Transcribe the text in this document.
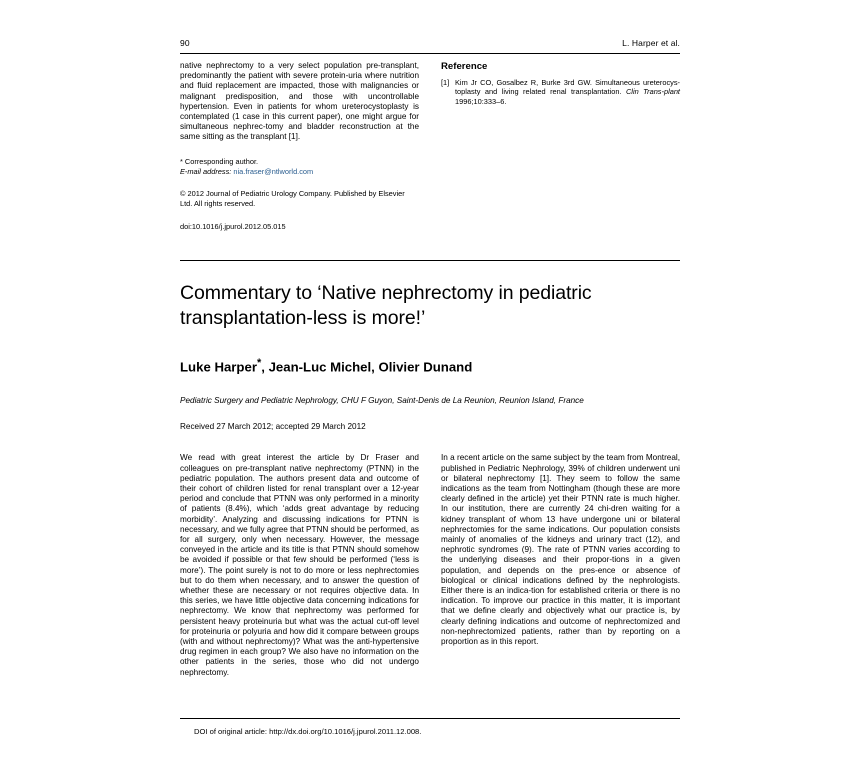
90	L. Harper et al.

native nephrectomy to a very select population pre-transplant, predominantly the patient with severe protein-uria where nutrition and fluid replacement are impacted, those with malignancies or malignant predisposition, and those with uncontrollable hypertension. Even in patients for whom ureterocystoplasty is contemplated (1 case in this current paper), one might argue for simultaneous nephrec-tomy and bladder reconstruction at the same sitting as the transplant [1].

* Corresponding author.

E-mail address: nia.fraser@ntlworld.com

© 2012 Journal of Pediatric Urology Company. Published by Elsevier Ltd. All rights reserved.

doi:10.1016/j.jpurol.2012.05.015

Reference
[1] Kim Jr CO, Gosalbez R, Burke 3rd GW. Simultaneous ureterocys-toplasty and living related renal transplantation. Clin Trans-plant 1996;10:333–6.
Commentary to ‘Native nephrectomy in pediatric transplantation-less is more!’

Luke Harper*, Jean-Luc Michel, Olivier Dunand

Pediatric Surgery and Pediatric Nephrology, CHU F Guyon, Saint-Denis de La Reunion, Reunion Island, France

Received 27 March 2012; accepted 29 March 2012

We read with great interest the article by Dr Fraser and colleagues on pre-transplant native nephrectomy (PTNN) in the pediatric population. The authors present data and outcome of their cohort of children listed for renal transplant over a 12-year period and conclude that PTNN was only performed in a minority of patients (8.4%), which ‘adds great advantage by reducing morbidity’. Analyzing and discussing indications for PTNN is necessary, and we fully agree that PTNN should be performed, as for all surgery, only when necessary. However, the message conveyed in the article and its title is that PTNN should somehow be avoided if possible or that few should be performed (‘less is more’). The point surely is not to do more or less nephrectomies but to do them when necessary, and to answer the question of whether these are necessary or not requires objective data. In this series, we have little objective data concerning indications for nephrectomy. We know that nephrectomy was performed for persistent heavy proteinuria but what was the actual cut-off level for proteinuria or polyuria and how did it compare between groups (with and without nephrectomy)? What was the anti-hypertensive drug regimen in each group? We also have no information on the other patients in the series, those who did not undergo nephrectomy.

In a recent article on the same subject by the team from Montreal, published in Pediatric Nephrology, 39% of children underwent uni or bilateral nephrectomy [1]. They seem to follow the same indications as the team from Nottingham (though these are more clearly defined in the article) yet their PTNN rate is much higher. In our institution, there are currently 24 chi-dren waiting for a kidney transplant of whom 13 have undergone uni or bilateral nephrectomies for the same indications. Our population consists mainly of anomalies of the kidneys and urinary tract (12), and nephrotic syndromes (9). The rate of PTNN varies according to the underlying diseases and their propor-tions in a given population, and depends on the pres-ence or absence of biological or clinical indications defined by the nephrologists. Either there is an indica-tion for established criteria or there is no indication. To improve our practice in this matter, it is important that we define clearly and objectively what our practice is, by clearly defining indications and outcome of nephrectomized and non-nephrectomized patients, rather than by reporting on a proportion as in this report.

DOI of original article: http://dx.doi.org/10.1016/j.jpurol.2011.12.008.
